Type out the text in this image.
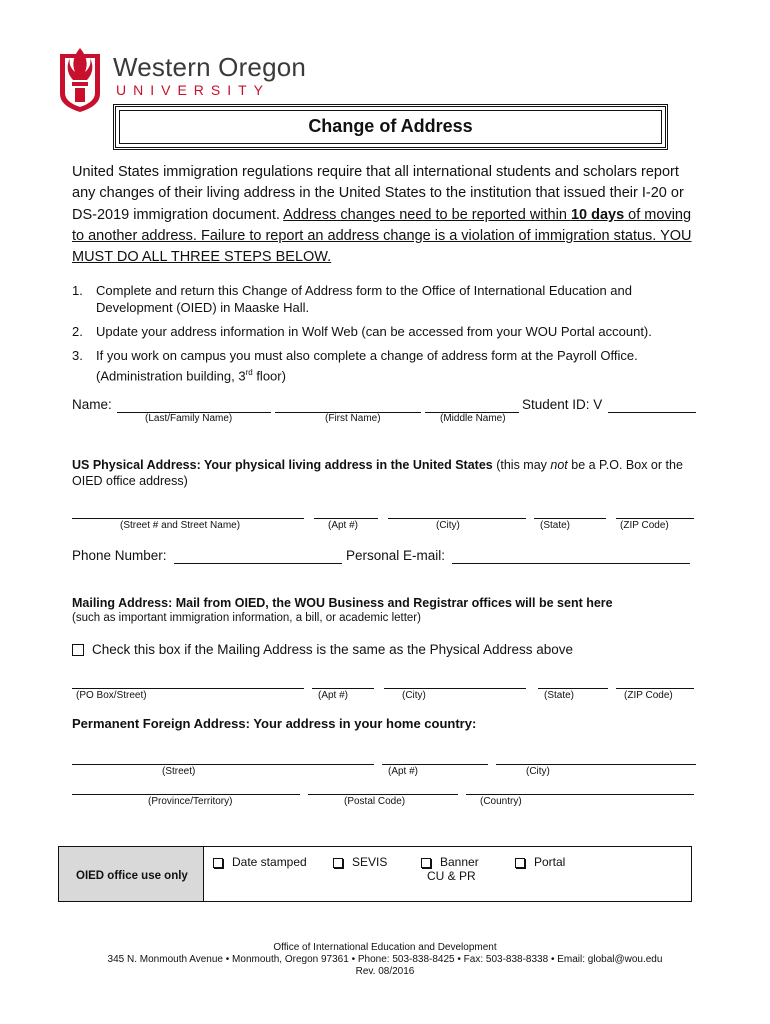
Western Oregon
UNIVERSITY
Change of Address
United States immigration regulations require that all international students and scholars report any changes of their living address in the United States to the institution that issued their I-20 or DS-2019 immigration document. Address changes need to be reported within 10 days of moving to another address. Failure to report an address change is a violation of immigration status. YOU MUST DO ALL THREE STEPS BELOW.
1.	Complete and return this Change of Address form to the Office of International Education and Development (OIED) in Maaske Hall.
2.	Update your address information in Wolf Web (can be accessed from your WOU Portal account).
3.	If you work on campus you must also complete a change of address form at the Payroll Office. (Administration building, 3rd floor)
Name:	Student ID: V
(Last/Family Name)	(First Name)	(Middle Name)
US Physical Address: Your physical living address in the United States (this may not be a P.O. Box or the OIED office address)
(Street # and Street Name)	(Apt #)	(City)	(State)	(ZIP Code)
Phone Number:	Personal E-mail:
Mailing Address: Mail from OIED, the WOU Business and Registrar offices will be sent here
(such as important immigration information, a bill, or academic letter)
Check this box if the Mailing Address is the same as the Physical Address above
(PO Box/Street)	(Apt #)	(City)	(State)	(ZIP Code)
Permanent Foreign Address: Your address in your home country:
(Street)	(Apt #)	(City)
(Province/Territory)	(Postal Code)	(Country)
OIED office use only
Date stamped	SEVIS	Banner
CU & PR
Portal
Office of International Education and Development
345 N. Monmouth Avenue • Monmouth, Oregon 97361 • Phone: 503-838-8425 • Fax: 503-838-8338 • Email: global@wou.edu
Rev. 08/2016
